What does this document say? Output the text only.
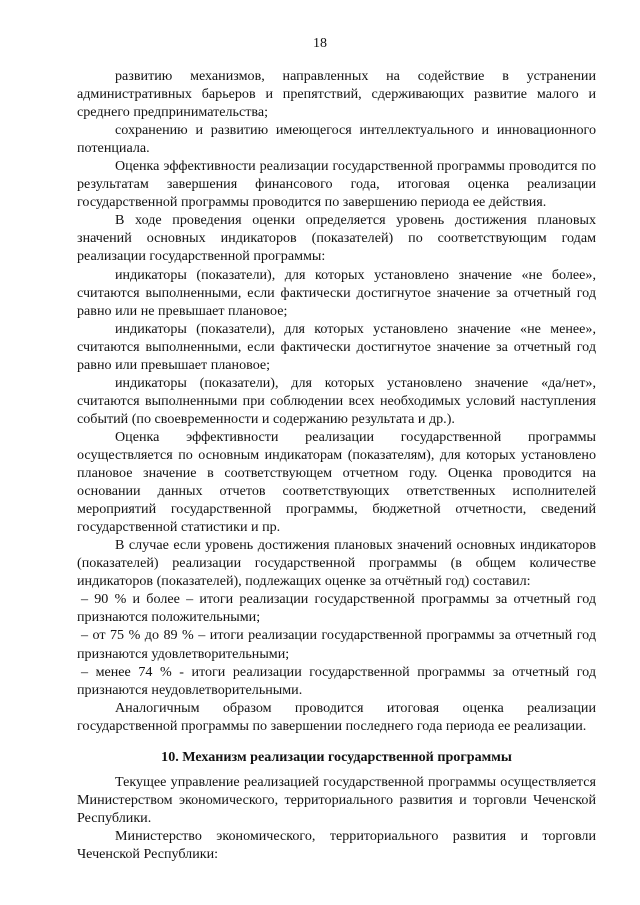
18

развитию механизмов, направленных на содействие в устранении административных барьеров и препятствий, сдерживающих развитие малого и среднего предпринимательства;

сохранению и развитию имеющегося интеллектуального и инновационного потенциала.

Оценка эффективности реализации государственной программы проводится по результатам завершения финансового года, итоговая оценка реализации государственной программы проводится по завершению периода ее действия.

В ходе проведения оценки определяется уровень достижения плановых значений основных индикаторов (показателей) по соответствующим годам реализации государственной программы:

индикаторы (показатели), для которых установлено значение «не более», считаются выполненными, если фактически достигнутое значение за отчетный год равно или не превышает плановое;

индикаторы (показатели), для которых установлено значение «не менее», считаются выполненными, если фактически достигнутое значение за отчетный год равно или превышает плановое;

индикаторы (показатели), для которых установлено значение «да/нет», считаются выполненными при соблюдении всех необходимых условий наступления событий (по своевременности и содержанию результата и др.).

Оценка эффективности реализации государственной программы осуществляется по основным индикаторам (показателям), для которых установлено плановое значение в соответствующем отчетном году. Оценка проводится на основании данных отчетов соответствующих ответственных исполнителей мероприятий государственной программы, бюджетной отчетности, сведений государственной статистики и пр.

В случае если уровень достижения плановых значений основных индикаторов (показателей) реализации государственной программы (в общем количестве индикаторов (показателей), подлежащих оценке за отчётный год) составил:

– 90 % и более – итоги реализации государственной программы за отчетный год признаются положительными;

– от 75 % до 89 % – итоги реализации государственной программы за отчетный год признаются удовлетворительными;

– менее 74 % - итоги реализации государственной программы за отчетный год признаются неудовлетворительными.

Аналогичным образом проводится итоговая оценка реализации государственной программы по завершении последнего года периода ее реализации.

10. Механизм реализации государственной программы

Текущее управление реализацией государственной программы осуществляется Министерством экономического, территориального развития и торговли Чеченской Республики.

Министерство экономического, территориального развития и торговли Чеченской Республики:
